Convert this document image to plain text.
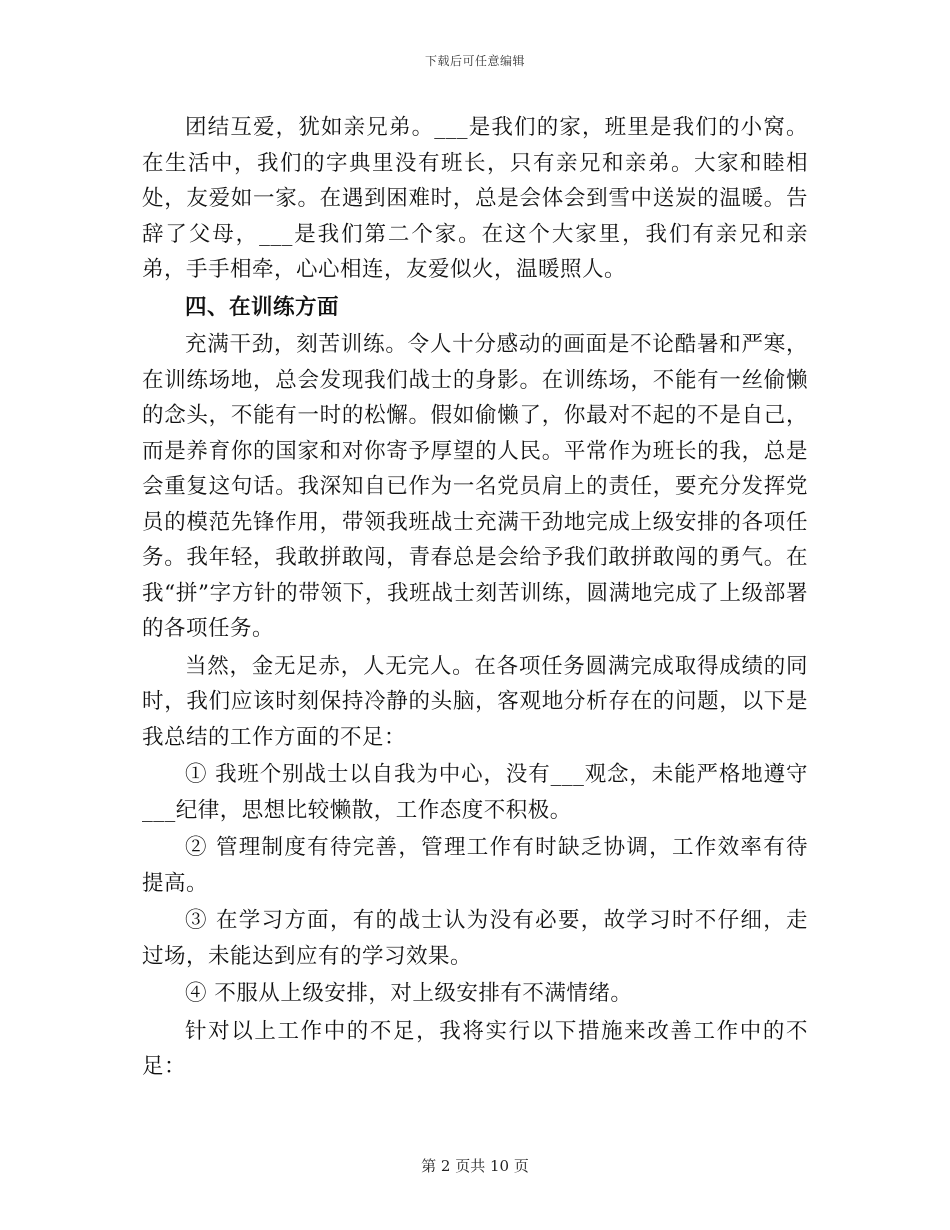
下载后可任意编辑

团结互爱，犹如亲兄弟。___是我们的家，班里是我们的小窝。在生活中，我们的字典里没有班长，只有亲兄和亲弟。大家和睦相处，友爱如一家。在遇到困难时，总是会体会到雪中送炭的温暖。告辞了父母，___是我们第二个家。在这个大家里，我们有亲兄和亲弟，手手相牵，心心相连，友爱似火，温暖照人。

四、在训练方面

充满干劲，刻苦训练。令人十分感动的画面是不论酷暑和严寒，在训练场地，总会发现我们战士的身影。在训练场，不能有一丝偷懒的念头，不能有一时的松懈。假如偷懒了，你最对不起的不是自己，而是养育你的国家和对你寄予厚望的人民。平常作为班长的我，总是会重复这句话。我深知自已作为一名党员肩上的责任，要充分发挥党员的模范先锋作用，带领我班战士充满干劲地完成上级安排的各项任务。我年轻，我敢拼敢闯，青春总是会给予我们敢拼敢闯的勇气。在我“拼”字方针的带领下，我班战士刻苦训练，圆满地完成了上级部署的各项任务。

当然，金无足赤，人无完人。在各项任务圆满完成取得成绩的同时，我们应该时刻保持冷静的头脑，客观地分析存在的问题，以下是我总结的工作方面的不足：

① 我班个别战士以自我为中心，没有___观念，未能严格地遵守___纪律，思想比较懒散，工作态度不积极。

② 管理制度有待完善，管理工作有时缺乏协调，工作效率有待提高。

③ 在学习方面，有的战士认为没有必要，故学习时不仔细，走过场，未能达到应有的学习效果。

④ 不服从上级安排，对上级安排有不满情绪。

针对以上工作中的不足，我将实行以下措施来改善工作中的不足：

第 2 页共 10 页
